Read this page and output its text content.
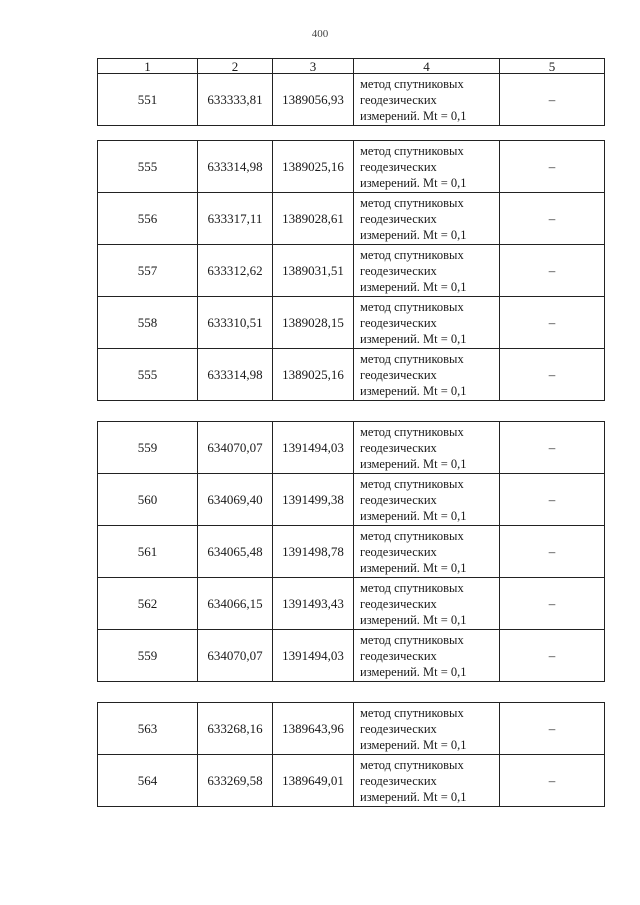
400
1	2	3	4	5
551	633333,81	1389056,93	метод спутниковых
геодезических
измерений. Mt = 0,1	–

555	633314,98	1389025,16	метод спутниковых
геодезических
измерений. Mt = 0,1	–
556	633317,11	1389028,61	метод спутниковых
геодезических
измерений. Mt = 0,1	–
557	633312,62	1389031,51	метод спутниковых
геодезических
измерений. Mt = 0,1	–
558	633310,51	1389028,15	метод спутниковых
геодезических
измерений. Mt = 0,1	–
555	633314,98	1389025,16	метод спутниковых
геодезических
измерений. Mt = 0,1	–

559	634070,07	1391494,03	метод спутниковых
геодезических
измерений. Mt = 0,1	–
560	634069,40	1391499,38	метод спутниковых
геодезических
измерений. Mt = 0,1	–
561	634065,48	1391498,78	метод спутниковых
геодезических
измерений. Mt = 0,1	–
562	634066,15	1391493,43	метод спутниковых
геодезических
измерений. Mt = 0,1	–
559	634070,07	1391494,03	метод спутниковых
геодезических
измерений. Mt = 0,1	–

563	633268,16	1389643,96	метод спутниковых
геодезических
измерений. Mt = 0,1	–
564	633269,58	1389649,01	метод спутниковых
геодезических
измерений. Mt = 0,1	–
